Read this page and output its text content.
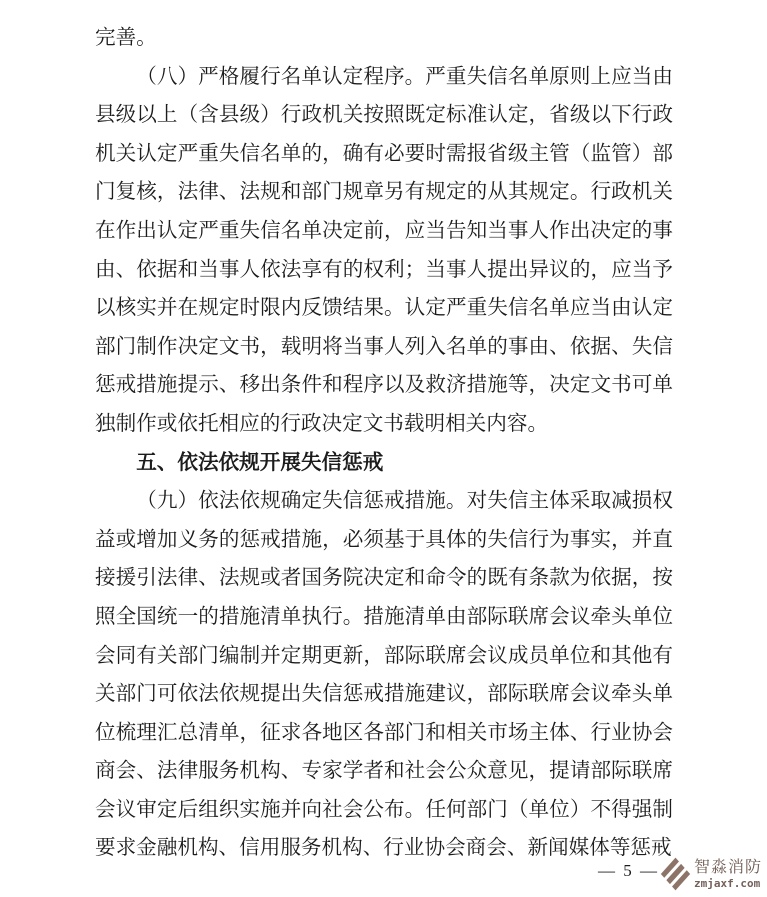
完善。

（八）严格履行名单认定程序。严重失信名单原则上应当由县级以上（含县级）行政机关按照既定标准认定，省级以下行政机关认定严重失信名单的，确有必要时需报省级主管（监管）部门复核，法律、法规和部门规章另有规定的从其规定。行政机关在作出认定严重失信名单决定前，应当告知当事人作出决定的事由、依据和当事人依法享有的权利；当事人提出异议的，应当予以核实并在规定时限内反馈结果。认定严重失信名单应当由认定部门制作决定文书，载明将当事人列入名单的事由、依据、失信惩戒措施提示、移出条件和程序以及救济措施等，决定文书可单独制作或依托相应的行政决定文书载明相关内容。

五、依法依规开展失信惩戒

（九）依法依规确定失信惩戒措施。对失信主体采取减损权益或增加义务的惩戒措施，必须基于具体的失信行为事实，并直接援引法律、法规或者国务院决定和命令的既有条款为依据，按照全国统一的措施清单执行。措施清单由部际联席会议牵头单位会同有关部门编制并定期更新，部际联席会议成员单位和其他有关部门可依法依规提出失信惩戒措施建议，部际联席会议牵头单位梳理汇总清单，征求各地区各部门和相关市场主体、行业协会商会、法律服务机构、专家学者和社会公众意见，提请部际联席会议审定后组织实施并向社会公布。任何部门（单位）不得强制要求金融机构、信用服务机构、行业协会商会、新闻媒体等惩戒

— 5 — 智淼消防
zmjaxf.com
